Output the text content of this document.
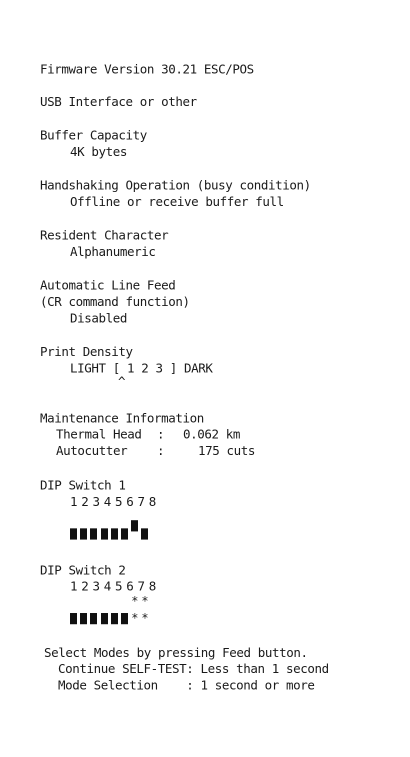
Firmware Version 30.21 ESC/POS
USB Interface or other
Buffer Capacity
4K bytes
Handshaking Operation (busy condition)
Offline or receive buffer full
Resident Character
Alphanumeric
Automatic Line Feed
(CR command function)
Disabled
Print Density
LIGHT [ 1 2 3 ] DARK
^
Maintenance Information
Thermal Head : 0.062 km
Autocutter :	175 cuts
DIP Switch 1
1 2 3 4 5 6 7 8
DIP Switch 2
1 2 3 4 5 6 7 8
* *
* *
Select Modes by pressing Feed button.
Continue SELF-TEST: Less than 1 second
Mode Selection    : 1 second or more
